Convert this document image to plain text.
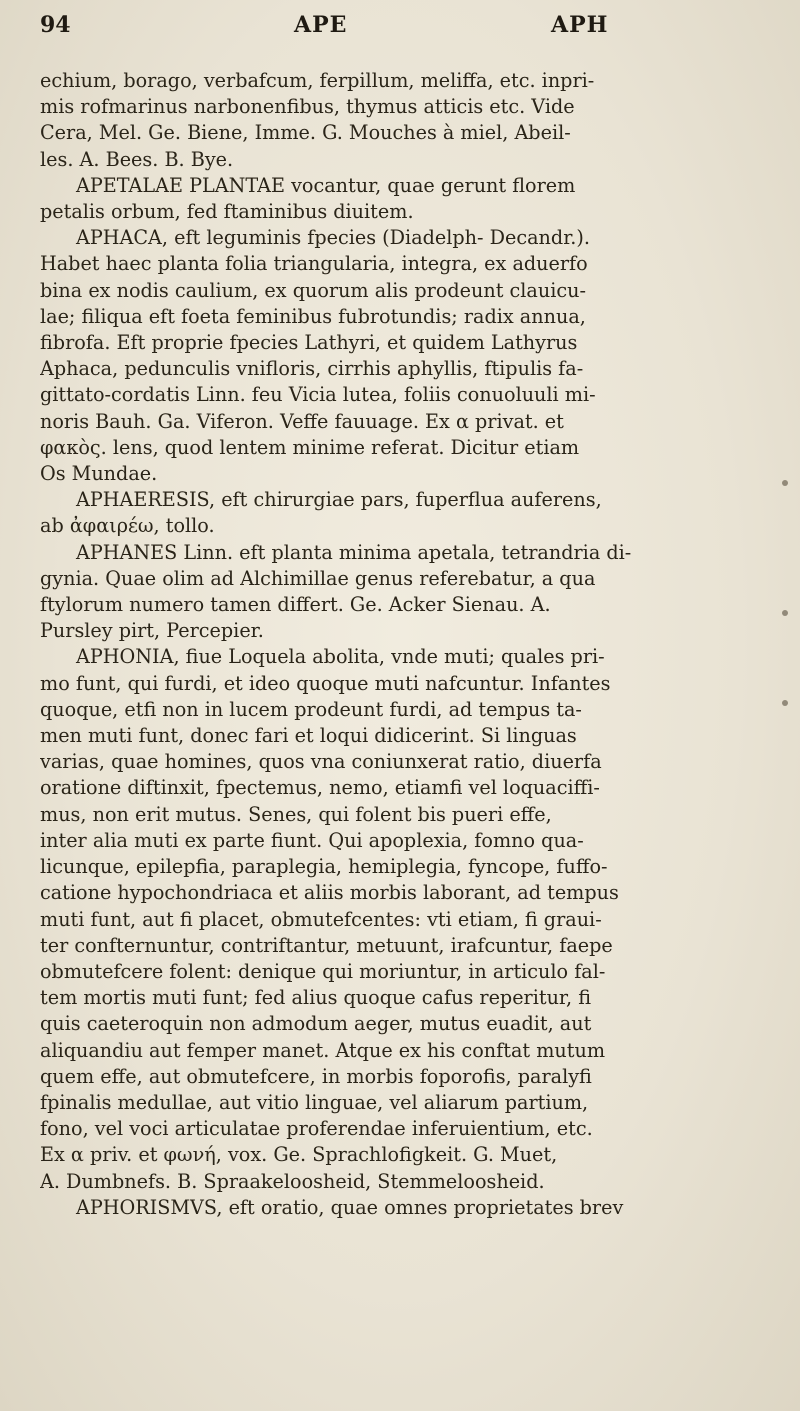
94	APE	APH
echium, borago, verbafcum, ferpillum, meliffa, etc. inpri-
mis rofmarinus narbonenfibus, thymus atticis etc. Vide
Cera, Mel. Ge. Biene, Imme. G. Mouches à miel, Abeil-
les. A. Bees. B. Bye.
APETALAE PLANTAE vocantur, quae gerunt florem
petalis orbum, fed ftaminibus diuitem.
APHACA, eft leguminis fpecies (Diadelph- Decandr.).
Habet haec planta folia triangularia, integra, ex aduerfo
bina ex nodis caulium, ex quorum alis prodeunt clauicu-
lae; filiqua eft foeta feminibus fubrotundis; radix annua,
fibrofa. Eft proprie fpecies Lathyri, et quidem Lathyrus
Aphaca, pedunculis vnifloris, cirrhis aphyllis, ftipulis fa-
gittato-cordatis Linn. feu Vicia lutea, foliis conuoluuli mi-
noris Bauh. Ga. Viferon. Veffe fauuage. Ex α privat. et
φακὸς. lens, quod lentem minime referat. Dicitur etiam
Os Mundae.
APHAERESIS, eft chirurgiae pars, fuperflua auferens,
ab ἀφαιρέω, tollo.
APHANES Linn. eft planta minima apetala, tetrandria di-
gynia. Quae olim ad Alchimillae genus referebatur, a qua
ftylorum numero tamen differt. Ge. Acker Sienau. A.
Pursley pirt, Percepier.
APHONIA, fiue Loquela abolita, vnde muti; quales pri-
mo funt, qui furdi, et ideo quoque muti nafcuntur. Infantes
quoque, etfi non in lucem prodeunt furdi, ad tempus ta-
men muti funt, donec fari et loqui didicerint. Si linguas
varias, quae homines, quos vna coniunxerat ratio, diuerfa
oratione diftinxit, fpectemus, nemo, etiamfi vel loquaciffi-
mus, non erit mutus. Senes, qui folent bis pueri effe,
inter alia muti ex parte fiunt. Qui apoplexia, fomno qua-
licunque, epilepfia, paraplegia, hemiplegia, fyncope, fuffo-
catione hypochondriaca et aliis morbis laborant, ad tempus
muti funt, aut fi placet, obmutefcentes: vti etiam, fi graui-
ter confternuntur, contriftantur, metuunt, irafcuntur, faepe
obmutefcere folent: denique qui moriuntur, in articulo fal-
tem mortis muti funt; fed alius quoque cafus reperitur, fi
quis caeteroquin non admodum aeger, mutus euadit, aut
aliquandiu aut femper manet. Atque ex his conftat mutum
quem effe, aut obmutefcere, in morbis foporofis, paralyfi
fpinalis medullae, aut vitio linguae, vel aliarum partium,
fono, vel voci articulatae proferendae inferuientium, etc.
Ex α priv. et φωνή, vox. Ge. Sprachlofigkeit. G. Muet,
A. Dumbnefs. B. Spraakeloosheid, Stemmeloosheid.
APHORISMVS, eft oratio, quae omnes proprietates brev
